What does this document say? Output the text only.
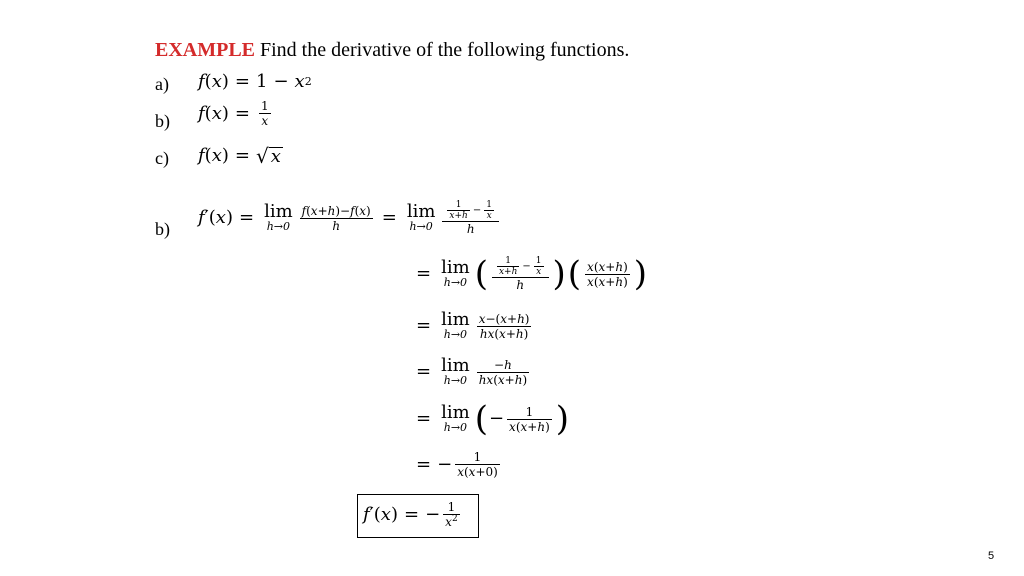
EXAMPLE Find the derivative of the following functions.
a) f ( x ) = 1 − x 2
b) f ( x ) = $\frac{1}{x}$
c) f ( x ) = √ x
b)
f ′( x ) = lim
$h\to 0 \frac{f(x+h)-f(x)}{h} = \lim$
$h\to 0 \frac{\frac{1}{x+h} - \frac{1}{x}}{h}$
= lim
h→0 ( $\frac{\frac{1}{x+h} - \frac{1}{x}}{h}$ ) ( $\frac{x(x+h)}{x(x+h)}$ )
= lim
$h\to 0 \frac{x-(x+h)}{hx(x+h)}$
= lim
$h\to 0 \frac{-h}{hx(x+h)}$
= lim
h→0 ( − $\frac{1}{x(x+h)}$ )
= − $\frac{1}{x(x+0)}$
f ′( x ) = − $\frac{1}{x^2}$
5
